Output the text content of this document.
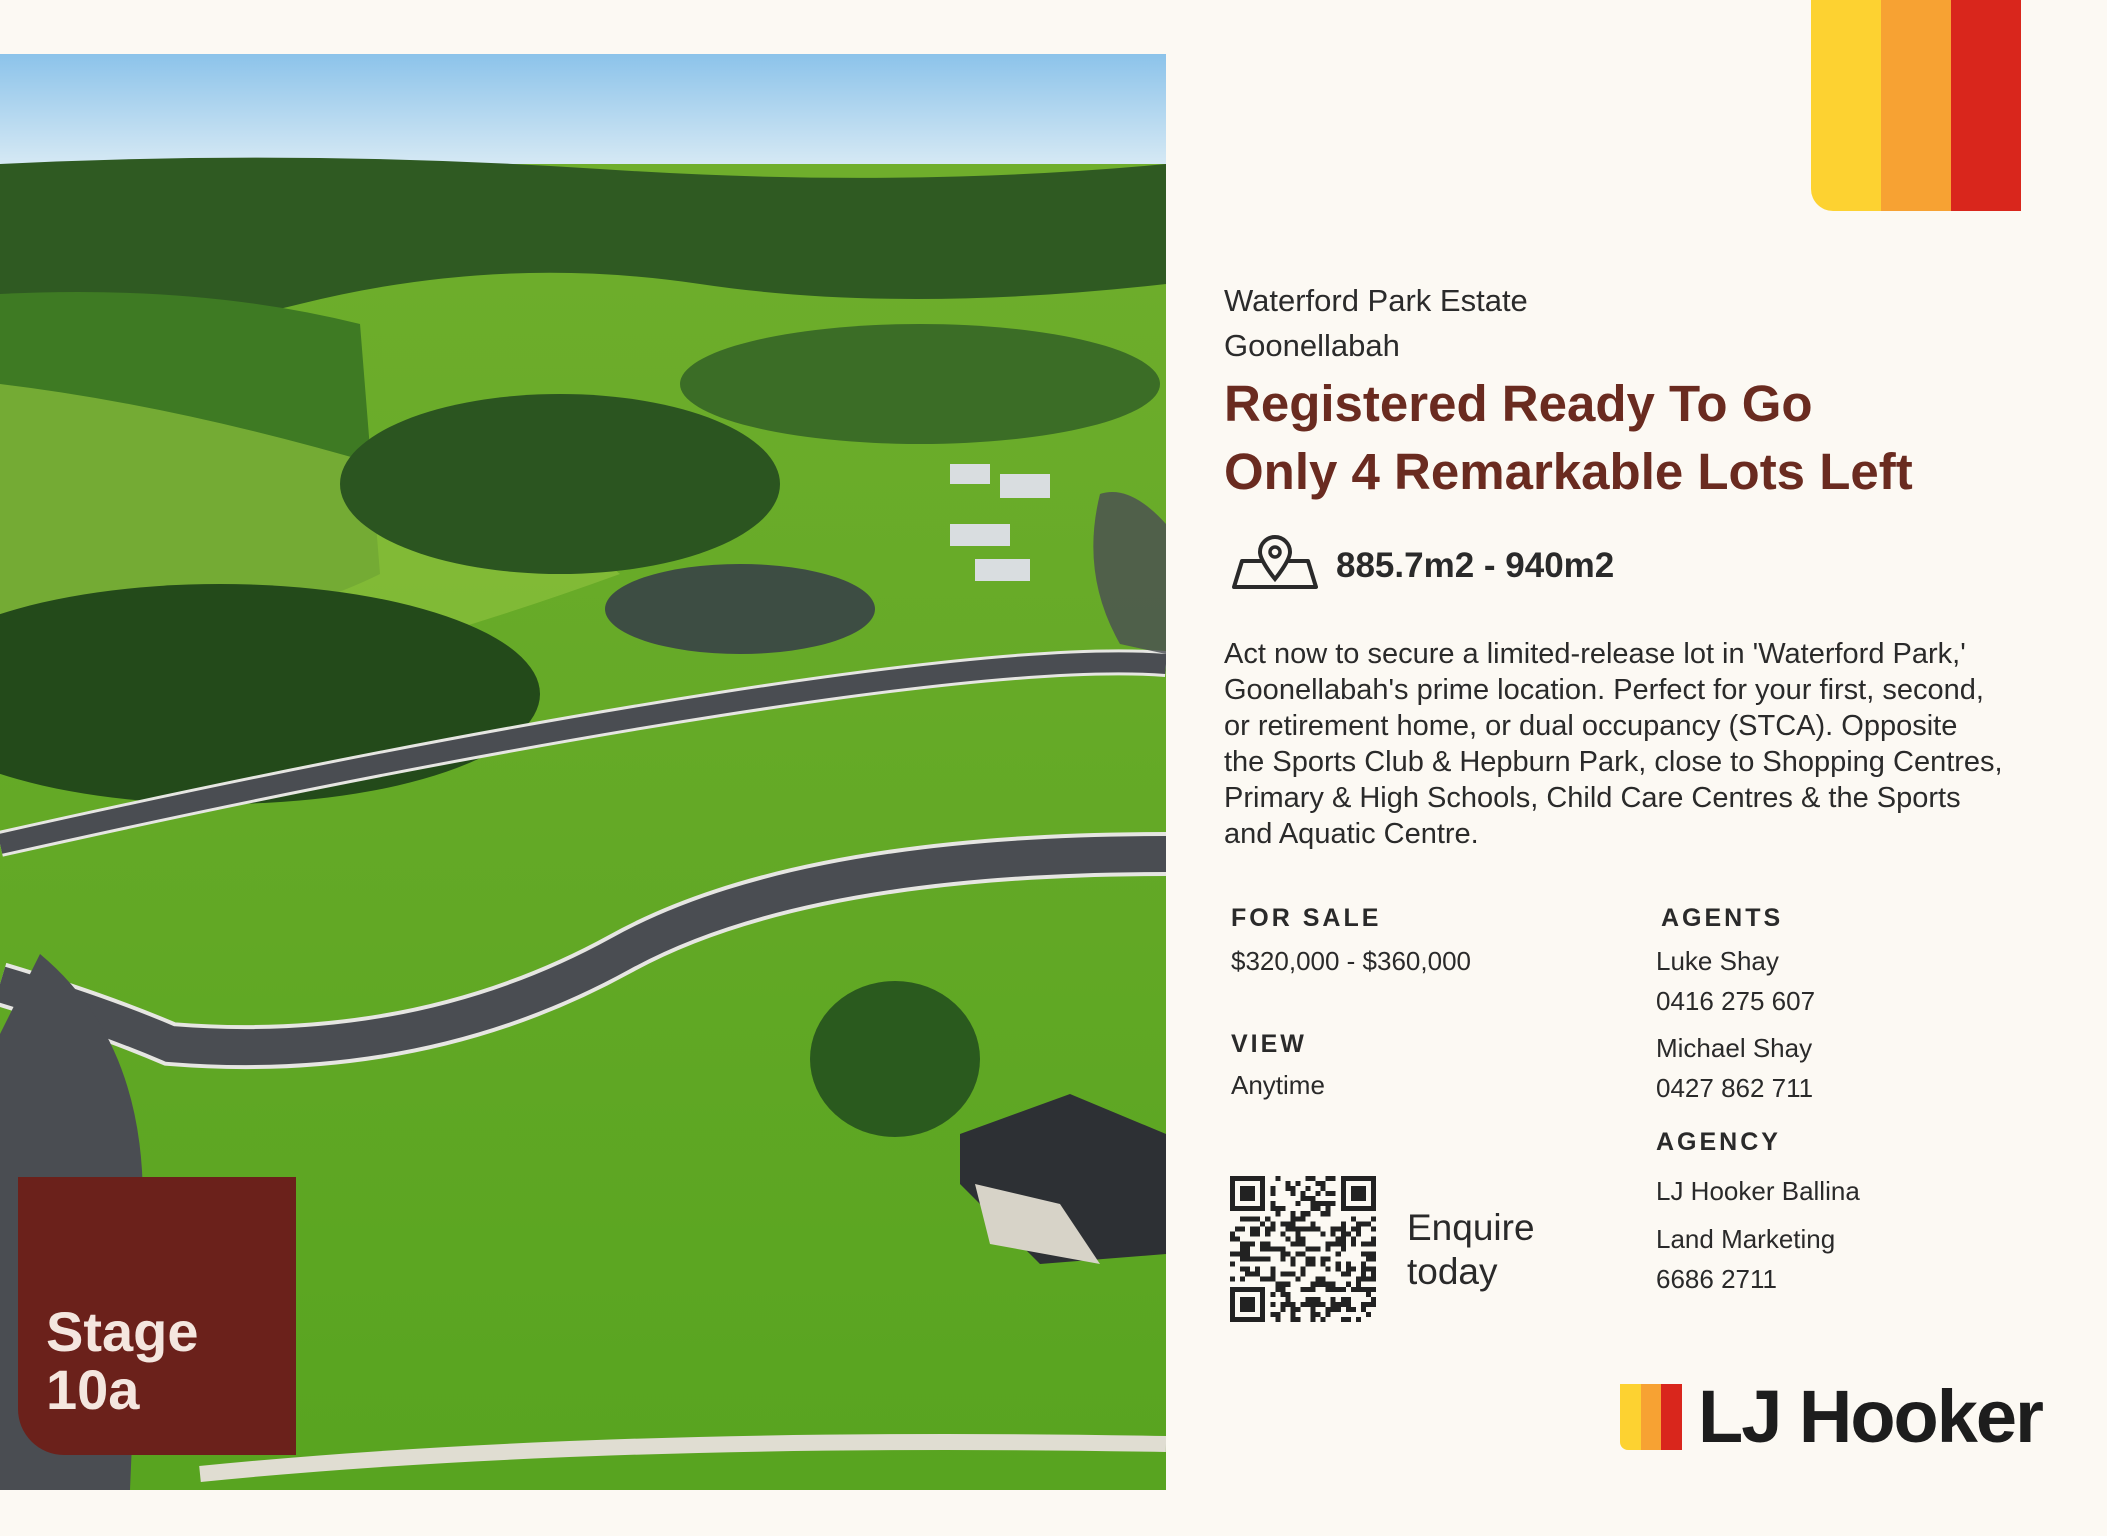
Stage
10a
Waterford Park Estate
Goonellabah
Registered Ready To Go
Only 4 Remarkable Lots Left
885.7m2 - 940m2
Act now to secure a limited-release lot in 'Waterford Park,' Goonellabah's prime location. Perfect for your first, second, or retirement home, or dual occupancy (STCA). Opposite the Sports Club & Hepburn Park, close to Shopping Centres, Primary & High Schools, Child Care Centres & the Sports and Aquatic Centre.
FOR SALE
$320,000 - $360,000
VIEW
Anytime
AGENTS
Luke Shay
0416 275 607
Michael Shay
0427 862 711
AGENCY
LJ Hooker Ballina
Land Marketing
6686 2711
Enquire
today
LJ Hooker
